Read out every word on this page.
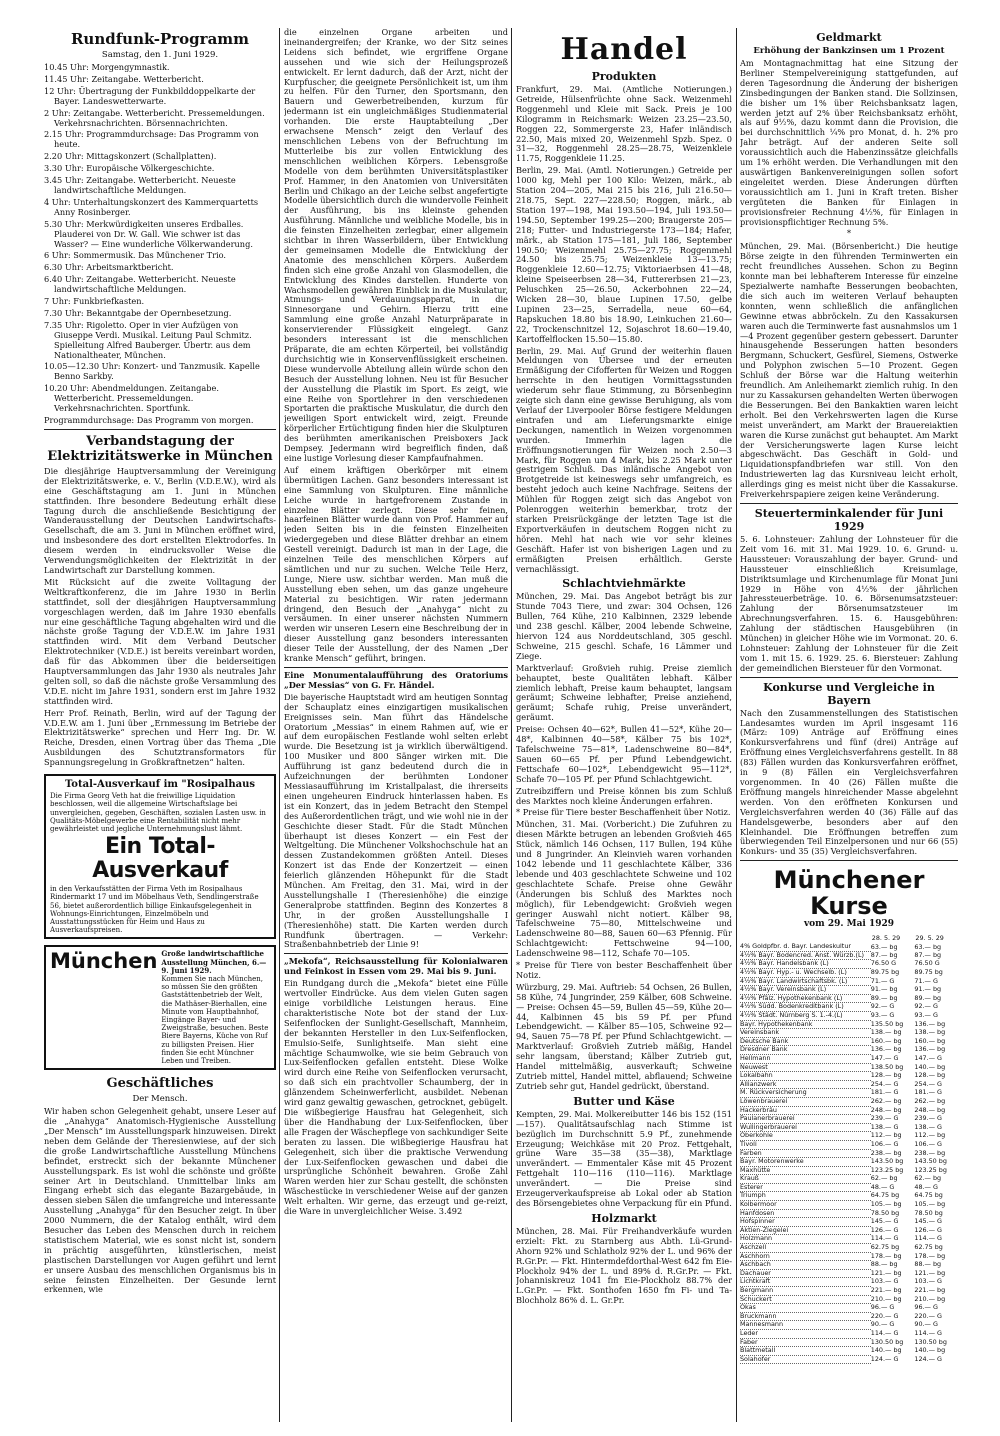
Rundfunk-Programm
Samstag, den 1. Juni 1929.

10.45 Uhr: Morgengymnastik.

11.45 Uhr: Zeitangabe. Wetterbericht.

12 Uhr: Übertragung der Funkbilddoppelkarte der Bayer. Landeswetterwarte.

2 Uhr: Zeitangabe. Wetterbericht. Pressemeldungen. Verkehrsnachrichten. Börsennachrichten.

2.15 Uhr: Programmdurchsage: Das Programm von heute.

2.20 Uhr: Mittagskonzert (Schallplatten).

3.30 Uhr: Europäische Völkergeschichte.

3.45 Uhr: Zeitangabe. Wetterbericht. Neueste landwirtschaftliche Meldungen.

4 Uhr: Unterhaltungskonzert des Kammerquartetts Anny Rosinberger.

5.30 Uhr: Merkwürdigkeiten unseres Erdballes. Plauderei von Dr. W. Gall. Wie schwer ist das Wasser? — Eine wunderliche Völkerwanderung.

6 Uhr: Sommermusik. Das Münchener Trio.

6.30 Uhr: Arbeitsmarktbericht.

6.40 Uhr: Zeitangabe. Wetterbericht. Neueste landwirtschaftliche Meldungen.

7 Uhr: Funkbriefkasten.

7.30 Uhr: Bekanntgabe der Opernbesetzung.

7.35 Uhr: Rigoletto. Oper in vier Aufzügen von Giuseppe Verdi. Musikal. Leitung Paul Schmitz. Spielleitung Alfred Bauberger. Übertr. aus dem Nationaltheater, München.

10.05—12.30 Uhr: Konzert- und Tanzmusik. Kapelle Benno Sarkby.

10.20 Uhr: Abendmeldungen. Zeitangabe. Wetterbericht. Pressemeldungen. Verkehrsnachrichten. Sportfunk.

Programmdurchsage: Das Programm von morgen.

Verbandstagung der Elektrizitätswerke in München

Die diesjährige Hauptversammlung der Vereinigung der Elektrizitätswerke, e. V., Berlin (V.D.E.W.), wird als eine Geschäftstagung am 1. Juni in München stattfinden. Ihre besondere Bedeutung erhält diese Tagung durch die anschließende Besichtigung der Wanderausstellung der Deutschen Landwirtschafts-Gesellschaft, die am 3. Juni in München eröffnet wird, und insbesondere des dort erstellten Elektrodorfes. In diesem werden in eindrucksvoller Weise die Verwendungsmöglichkeiten der Elektrizität in der Landwirtschaft zur Darstellung kommen.

Mit Rücksicht auf die zweite Volltagung der Weltkraftkonferenz, die im Jahre 1930 in Berlin stattfindet, soll der diesjährigen Hauptversammlung vorgeschlagen werden, daß im Jahre 1930 ebenfalls nur eine geschäftliche Tagung abgehalten wird und die nächste große Tagung der V.D.E.W. im Jahre 1931 stattfinden wird. Mit dem Verband Deutscher Elektrotechniker (V.D.E.) ist bereits vereinbart worden, daß für das Abkommen über die beiderseitigen Hauptversammlungen das Jahr 1930 als neutrales Jahr gelten soll, so daß die nächste große Versammlung des V.D.E. nicht im Jahre 1931, sondern erst im Jahre 1932 stattfinden wird.

Herr Prof. Reinath, Berlin, wird auf der Tagung der V.D.E.W. am 1. Juni über „Ernmessung im Betriebe der Elektrizitätswerke“ sprechen und Herr Ing. Dr. W. Reiche, Dresden, einen Vortrag über das Thema „Die Ausbildungen des Schutztransformators für Spannungsregelung in Großkraftnetzen“ halten.

Total-Ausverkauf im "Rosipalhaus

Die Firma Georg Veth hat die freiwillige Liquidation beschlossen, weil die allgemeine Wirtschaftslage bei unvergleichen, gegeben, Geschäften, sozialen Lasten usw. in Qualitäts-Möbelgewerbe eine Rentabilität nicht mehr gewährleistet und jegliche Unternehmungslust lähmt.

Ein Total-Ausverkauf

in den Verkaufsstätten der Firma Veth im Rosipalhaus Rindermarkt 17 und im Möbelhaus Veth, Sendlingerstraße 56, bietet außerordentlich billige Einkaufsgelegenheit in Wohnungs-Einrichtungen, Einzelmöbeln und Ausstattungsstücken für Heim und Haus zu Ausverkaufspreisen.

München Große landwirtschaftliche Ausstellung München, 6.—9. Juni 1929.

Kommen Sie nach München, so müssen Sie den größten Gaststättenbetrieb der Welt, die Mathäser-Bierhallen, eine Minute vom Hauptbahnhof, Eingänge Bayer- und Zweigstraße, besuchen. Beste Biere Bayerns, Küche von Ruf zu billigsten Preisen. Hier finden Sie echt Münchner Leben und Treiben.

Geschäftliches
Der Mensch.

Wir haben schon Gelegenheit gehabt, unsere Leser auf die „Anahyga“ Anatomisch-Hygienische Ausstellung „Der Mensch“ im Ausstellungspark hinzuweisen. Direkt neben dem Gelände der Theresienwiese, auf der sich die große Landwirtschaftliche Ausstellung Münchens befindet, erstreckt sich der bekannte Münchener Ausstellungspark. Es ist wohl die schönste und größte seiner Art in Deutschland. Unmittelbar links am Eingang erhebt sich das elegante Bazargebäude, in dessen sieben Sälen die umfangreiche und interessante Ausstellung „Anahyga“ für den Besucher zeigt. In über 2000 Nummern, die der Katalog enthält, wird dem Besucher das Leben des Menschen durch in reichem statistischem Material, wie es sonst nicht ist, sondern in prächtig ausgeführten, künstlerischen, meist plastischen Darstellungen vor Augen geführt und lernt er unsere Ausbau des menschlichen Organismus bis in seine feinsten Einzelheiten. Der Gesunde lernt erkennen, wie

die einzelnen Organe arbeiten und ineinandergreifen; der Kranke, wo der Sitz seines Leidens sich befindet, wie ergriffene Organe aussehen und wie sich der Heilungsprozeß entwickelt. Er lernt dadurch, daß der Arzt, nicht der Kurpfuscher, die geeignete Persönlichkeit ist, um ihm zu helfen. Für den Turner, den Sportsmann, den Bauern und Gewerbetreibenden, kurzum für jedermann ist ein ungleichmäßiges Studienmaterial vorhanden. Die erste Hauptabteilung „Der erwachsene Mensch“ zeigt den Verlauf des menschlichen Lebens von der Befruchtung im Mutterleibe bis zur vollen Entwicklung des menschlichen weiblichen Körpers. Lebensgroße Modelle von dem berühmten Universitätsplastiker Prof. Hammer, in den Anatomien von Universitäten Berlin und Chikago an der Leiche selbst angefertigte Modelle übersichtlich durch die wundervolle Feinheit der Ausführung, bis ins kleinste gehenden Ausführung. Männliche und weibliche Modelle, bis in die feinsten Einzelheiten zerlegbar, einer allgemein sichtbar in ihren Wasserbildern, über Entwicklung der gemeinsamen Modelle die Entwicklung der Anatomie des menschlichen Körpers. Außerdem finden sich eine große Anzahl von Glasmodellen, die Entwicklung des Kindes darstellen. Hunderte von Wachsmodellen gewähren Einblick in die Muskulatur, Atmungs- und Verdauungsapparat, in die Sinnesorgane und Gehirn. Hierzu tritt eine Sammlung eine große Anzahl Naturpräparate in konservierender Flüssigkeit eingelegt. Ganz besonders interessant ist die menschlichen Präparate, die am echten Körperteil, bei vollständig durchsichtig wie in Konservenflüssigkeit erscheinen. Diese wundervolle Abteilung allein würde schon den Besuch der Ausstellung lohnen. Neu ist für Besucher der Ausstellung die Plastik im Sport. Es zeigt, wie eine Reihe von Sportlehrer in den verschiedenen Sportarten die praktische Muskulatur, die durch den jeweiligen Sport entwickelt wird, zeigt. Freunde körperlicher Ertüchtigung finden hier die Skulpturen des berühmten amerikanischen Preisboxers Jack Dempsey. Jedermann wird begreiflich finden, daß eine lustige Vorlesung dieser Kampfaufnahmen.

Auf einem kräftigen Oberkörper mit einem übermütigen Lachen. Ganz besonders interessant ist eine Sammlung von Skulpturen. Eine männliche Leiche wurde in hartgefrorenem Zustande in einzelne Blätter zerlegt. Diese sehr feinen, haarfeinen Blätter wurde dann von Prof. Hammer auf jeden Seiten bis in die feinsten Einzelheiten wiedergegeben und diese Blätter drehbar an einem Gestell vereinigt. Dadurch ist man in der Lage, die einzelnen Teile des menschlichen Körpers auf sämtlichen und nur zu suchen. Welche Teile Herz, Lunge, Niere usw. sichtbar werden. Man muß die Ausstellung eben sehen, um das ganze ungeheure Material zu besichtigen. Wir raten jedermann dringend, den Besuch der „Anahyga“ nicht zu versäumen. In einer unserer nächsten Nummern werden wir unseren Lesern eine Beschreibung der in dieser Ausstellung ganz besonders interessanten dieser Teile der Ausstellung, der des Namen „Der kranke Mensch“ geführt, bringen.

Eine Monumentalaufführung des Oratoriums „Der Messias“ von G. Fr. Händel.

Die bayerische Hauptstadt wird am heutigen Sonntag der Schauplatz eines einzigartigen musikalischen Ereignisses sein. Man führt das Händelsche Oratorium „Messias“ in einem Rahmen auf, wie er auf dem europäischen Festlande wohl selten erlebt wurde. Die Besetzung ist ja wirklich überwältigend. 100 Musiker und 800 Sänger wirken mit. Die Aufführung ist ganz bedeutend durch die in Aufzeichnungen der berühmten Londoner Messiasaufführung im Kristallpalast, die ihrerseits einen ungeheuren Eindruck hinterlassen haben. Es ist ein Konzert, das in jedem Betracht den Stempel des Außerordentlichen trägt, und wie wohl nie in der Geschichte dieser Stadt. Für die Stadt München überhaupt ist dieses Konzert — ein Fest der Weltgeltung. Die Münchener Volkshochschule hat an dessen Zustandekommen größten Anteil. Dieses Konzert ist das Ende der Konzertzeit — einen feierlich glänzenden Höhepunkt für die Stadt München. Am Freitag, den 31. Mai, wird in der Ausstellungshalle I (Theresienhöhe) die einzige Generalprobe stattfinden. Beginn des Konzertes 8 Uhr, in der großen Ausstellungshalle I (Theresienhöhe) statt. Die Karten werden durch Rundfunk übertragen. — Verkehr: Straßenbahnbetrieb der Linie 9!

„Mekofa“, Reichsausstellung für Kolonialwaren und Feinkost in Essen vom 29. Mai bis 9. Juni.

Ein Rundgang durch die „Mekofa“ bietet eine Fülle wertvoller Eindrücke. Aus dem vielen Guten sagen einige vorbildliche Leistungen heraus. Eine charakteristische Note bot der stand der Lux-Seifenflocken der Sunlight-Gesellschaft, Mannheim, der bekannten Hersteller in den Lux-Seifenflocken, Emulsio-Seife, Sunlightseife. Man sieht eine mächtige Schaumwolke, wie sie beim Gebrauch von Lux-Seifenflocken gefallen entsteht. Diese Wolke wird durch eine Reihe von Seifenflocken verursacht, so daß sich ein prachtvoller Schaumberg, der in glänzendem Scheinwerferlicht, ausbildet. Nebenan wird ganz gewaltig gewaschen, getrocknet, gebügelt. Die wißbegierige Hausfrau hat Gelegenheit, sich über die Handhabung der Lux-Seifenflocken, über alle Fragen der Wäschepflege von sachkundiger Seite beraten zu lassen. Die wißbegierige Hausfrau hat Gelegenheit, sich über die praktische Verwendung der Lux-Seifenflocken gewaschen und dabei die ursprüngliche Schönheit bewahren. Große Zahl Waren werden hier zur Schau gestellt, die schönsten Wäschestücke in verschiedener Weise auf der ganzen Welt erhalten. Wir gerne, das erzeugt und ge-reizt, die Ware in unvergleichlicher Weise. 3.492

Handel
Produkten

Frankfurt, 29. Mai. (Amtliche Notierungen.) Getreide, Hülsenfrüchte ohne Sack. Weizenmehl Roggenmehl und Kleie mit Sack. Preis je 100 Kilogramm in Reichsmark: Weizen 23.25—23.50, Roggen 22, Sommergerste 23, Hafer inländisch 22.50, Mais mixed 20, Weizenmehl Spzb. Spez. 0 31—32, Roggenmehl 28.25—28.75, Weizenkleie 11.75, Roggenkleie 11.25.

Berlin, 29. Mai. (Amtl. Notierungen.) Getreide per 1000 kg, Mehl per 100 Kilo: Weizen, märk., ab Station 204—205, Mai 215 bis 216, Juli 216.50—218.75, Sept. 227—228.50; Roggen, märk., ab Station 197—198, Mai 193.50—194, Juli 193.50—194.50, September 199.25—200; Braugerste 205—218; Futter- und Industriegerste 173—184; Hafer, märk., ab Station 175—181, Juli 186, September 190.50; Weizenmehl 25.75—27.75; Roggenmehl 24.50 bis 25.75; Weizenkleie 13—13.75; Roggenkleie 12.60—12.75; Viktoriaerbsen 41—48, kleine Speiseerbsen 28—34, Futtererbsen 21—23, Peluschken 25—26.50, Ackerbohnen 22—24, Wicken 28—30, blaue Lupinen 17.50, gelbe Lupinen 23—25, Serradella, neue 60—64, Rapskuchen 18.80 bis 18.90, Leinkuchen 21.60—22, Trockenschnitzel 12, Sojaschrot 18.60—19.40, Kartoffelflocken 15.50—15.80.

Berlin, 29. Mai. Auf Grund der weiterhin flauen Meldungen von Übersee und der erneuten Ermäßigung der Cifofferten für Weizen und Roggen herrschte in den heutigen Vormittagsstunden wiederum sehr flaue Stimmung, zu Börsenbeginn zeigte sich dann eine gewisse Beruhigung, als vom Verlauf der Liverpooler Börse festigere Meldungen eintrafen und am Lieferungsmarkte einige Deckungen, namentlich in Weizen vorgenommen wurden. Immerhin lagen die Eröffnungsnotierungen für Weizen noch 2.50—3 Mark, für Roggen um 4 Mark, bis 2.25 Mark unter gestrigem Schluß. Das inländische Angebot von Brotgetreide ist keineswegs sehr umfangreich, es besteht jedoch auch keine Nachfrage. Seitens der Mühlen für Roggen zeigt sich das Angebot von Polenroggen weiterhin bemerkbar, trotz der starken Preisrückgänge der letzten Tage ist die Exportverkäufen in deutschem Roggen nicht zu hören. Mehl hat nach wie vor sehr kleines Geschäft. Hafer ist von bisherigen Lagen und zu ermäßigten Preisen erhältlich. Gerste vernachlässigt.

Schlachtviehmärkte

München, 29. Mai. Das Angebot beträgt bis zur Stunde 7043 Tiere, und zwar: 304 Ochsen, 126 Bullen, 764 Kühe, 210 Kalbinnen, 2329 lebende und 238 geschl. Kälber, 2004 lebende Schweine, hiervon 124 aus Norddeutschland, 305 geschl. Schweine, 215 geschl. Schafe, 16 Lämmer und Ziege.

Marktverlauf: Großvieh ruhig. Preise ziemlich behauptet, beste Qualitäten lebhaft. Kälber ziemlich lebhaft, Preise kaum behauptet, langsam geräumt; Schweine lebhafter, Preise anziehend, geräumt; Schafe ruhig, Preise unverändert, geräumt.

Preise: Ochsen 40—62*, Bullen 41—52*, Kühe 20—48*, Kalbinnen 40—58*, Kälber 75 bis 102*, Tafelschweine 75—81*, Ladenschweine 80—84*, Sauen 60—65 Pf. per Pfund Lebendgewicht. Fettschafe 60—102*, Lebendgewicht 95—112*, Schafe 70—105 Pf. per Pfund Schlachtgewicht.

Zutreibziffern und Preise können bis zum Schluß des Marktes noch kleine Änderungen erfahren.

* Preise für Tiere bester Beschaffenheit über Notiz.

München, 31. Mai. (Vorbericht.) Die Zufuhren zu diesen Märkte betrugen an lebenden Großvieh 465 Stück, nämlich 146 Ochsen, 117 Bullen, 194 Kühe und 8 Jungrinder. An Kleinvieh waren vorhanden 1042 lebende und 11 geschlachtete Kälber, 336 lebende und 403 geschlachtete Schweine und 102 geschlachtete Schafe. Preise ohne Gewähr (Änderungen bis Schluß des Marktes noch möglich), für Lebendgewicht: Großvieh wegen geringer Auswahl nicht notiert. Kälber 98, Tafelschweine 75—80, Mittelschweine und Ladenschweine 80—88, Sauen 60—63 Pfennig. Für Schlachtgewicht: Fettschweine 94—100, Ladenschweine 98—112, Schafe 70—105.

* Preise für Tiere von bester Beschaffenheit über Notiz.

Würzburg, 29. Mai. Auftrieb: 54 Ochsen, 26 Bullen, 58 Kühe, 74 Jungrinder, 259 Kälber, 608 Schweine. — Preise: Ochsen 45—59, Bullen 45—59, Kühe 20—44, Kalbinnen 45 bis 59 Pf. per Pfund Lebendgewicht. — Kälber 85—105, Schweine 92—94, Sauen 75—78 Pf. per Pfund Schlachtgewicht. — Marktverlauf: Großvieh Zutrieb mäßig, Handel sehr langsam, überstand; Kälber Zutrieb gut, Handel mittelmäßig, ausverkauft; Schweine Zutrieb mittel, Handel mittel, abflauend; Schweine Zutrieb sehr gut, Handel gedrückt, überstand.

Butter und Käse

Kempten, 29. Mai. Molkereibutter 146 bis 152 (151—157). Qualitätsaufschlag nach Stimme ist bezüglich im Durchschnitt 5.9 Pf., zunehmende Erzeugung; Weichkäse mit 20 Proz. Fettgehalt, grüne Ware 35—38 (35—38), Marktlage unverändert. — Emmentaler Käse mit 45 Prozent Fettgehalt 110—116 (110—116). Marktlage unverändert. — Die Preise sind Erzeugerverkaufspreise ab Lokal oder ab Station des Börsengebietes ohne Verpackung für ein Pfund.

Holzmarkt

München, 28. Mai. Für Freihandverkäufe wurden erzielt: Fkt. zu Starnberg aus Abth. Lü-Grund-Ahorn 92% und Schlatholz 92% der L. und 96% der R.Gr.Pr. — Fkt. Hintermdefdorthal-West 642 fm Eie-Plockholz 94% der L. und 89% d. R.Gr.Pr. — Fkt. Johanniskreuz 1041 fm Eie-Plockholz 88.7% der L.Gr.Pr. — Fkt. Sonthofen 1650 fm Fi- und Ta-Blochholz 86% d. L. Gr.Pr.

Geldmarkt
Erhöhung der Bankzinsen um 1 Prozent

Am Montagnachmittag hat eine Sitzung der Berliner Stempelvereinigung stattgefunden, auf deren Tagesordnung die Änderung der bisherigen Zinsbedingungen der Banken stand. Die Sollzinsen, die bisher um 1% über Reichsbanksatz lagen, werden jetzt auf 2% über Reichsbanksatz erhöht, als auf 9½%, dazu kommt dann die Provision, die bei durchschnittlich ¼% pro Monat, d. h. 2% pro Jahr beträgt. Auf der anderen Seite soll voraussichtlich auch die Habenzinssätze gleichfalls um 1% erhöht werden. Die Verhandlungen mit den auswärtigen Bankenvereinigungen sollen sofort eingeleitet werden. Diese Änderungen dürften voraussichtlich am 1. Juni in Kraft treten. Bisher vergüteten die Banken für Einlagen in provisionsfreier Rechnung 4½%, für Einlagen in provisionspflichtiger Rechnung 5%.

*

München, 29. Mai. (Börsenbericht.) Die heutige Börse zeigte in den führenden Terminwerten ein recht freundliches Aussehen. Schon zu Beginn konnte man bei lebhafterem Interesse für einzelne Spezialwerte namhafte Besserungen beobachten, die sich auch im weiteren Verlauf behaupten konnten, wenn schließlich die anfänglichen Gewinne etwas abbröckeln. Zu den Kassakursen waren auch die Terminwerte fast ausnahmslos um 1—4 Prozent gegenüber gestern gebessert. Darunter hinausgehende Besserungen hatten besonders Bergmann, Schuckert, Gesfürel, Siemens, Ostwerke und Polyphon zwischen 5—10 Prozent. Gegen Schluß der Börse war die Haltung weiterhin freundlich. Am Anleihemarkt ziemlich ruhig. In den nur zu Kassakursen gehandelten Werten überwogen die Besserungen. Bei den Bankaktien waren leicht erholt. Bei den Verkehrswerten lagen die Kurse meist unverändert, am Markt der Brauereiaktien waren die Kurse zunächst gut behauptet. Am Markt der Versicherungswerte lagen Kurse leicht abgeschwächt. Das Geschäft in Gold- und Liquidationspfandbriefen war still. Von den Industriewerten lag das Kursniveau leicht erholt, allerdings ging es meist nicht über die Kassakurse. Freiverkehrspapiere zeigen keine Veränderung.

Steuerterminkalender für Juni 1929

5. 6. Lohnsteuer: Zahlung der Lohnsteuer für die Zeit vom 16. mit 31. Mai 1929. 10. 6. Grund- u. Haussteuer: Vorauszahlung der bayer. Grund- und Haussteuer einschließlich Kreisumlage, Distriktsumlage und Kirchenumlage für Monat Juni 1929 in Höhe von 4½% der jährlichen Jahressteuerbeträge. 10. 6. Börsenumsatzsteuer: Zahlung der Börsenumsatzsteuer im Abrechnungsverfahren. 15. 6. Hausgebühren: Zahlung der städtischen Hausgebühren (in München) in gleicher Höhe wie im Vormonat. 20. 6. Lohnsteuer: Zahlung der Lohnsteuer für die Zeit vom 1. mit 15. 6. 1929. 25. 6. Biersteuer: Zahlung der gemeindlichen Biersteuer für den Vormonat.

Konkurse und Vergleiche in Bayern

Nach den Zusammenstellungen des Statistischen Landesamtes wurden im April insgesamt 116 (März: 109) Anträge auf Eröffnung eines Konkursverfahrens und fünf (drei) Anträge auf Eröffnung eines Vergleichsverfahrens gestellt. In 88 (83) Fällen wurden das Konkursverfahren eröffnet, in 9 (8) Fällen ein Vergleichsverfahren vorgenommen. In 40 (26) Fällen mußte die Eröffnung mangels hinreichender Masse abgelehnt werden. Von den eröffneten Konkursen und Vergleichsverfahren werden 40 (36) Fälle auf das Handelsgewerbe, besonders aber auf den Kleinhandel. Die Eröffnungen betreffen zum überwiegenden Teil Einzelpersonen und nur 66 (55) Konkurs- und 35 (35) Vergleichsverfahren.

Münchener Kurse
vom 29. Mai 1929
	28. 5. 29	29. 5. 29
4% Goldpfbr. d. Bayr. Landeskultur	63.— bg	63.— bg
4½% Bayr. Bodencred. Anst. Würzb.(L)	87.— bg	87.— bg
4½% Bayr. Handelsbank (L)	76.50 G	76.50 G
4½% Bayr. Hyp.- u. Wechselb. (L)	89.75 bg	89.75 bg
4½% Bayr. Landwirtschaftsbk. (L)	71.— G	71.— G
4½% Bayr. Vereinsbank (L)	91.— bg	91.— bg
4½% Pfälz. Hypothekenbank (L)	89.— bg	89.— bg
4½% Südd. Bodenkreditbank (L)	92.— G	92.— G
4½% Städt. Nürnberg S. 1.-4.(L)	93.— G	93.— G
Bayr. Hypothekenbank	135.50 bg	136.— bg
Vereinsbank	138.— bg	138.— bg
Deutsche Bank	160.— bg	160.— bg
Dresdner Bank	136.— bg	136.— bg
Hellmann	147.— G	147.— G
Neuwest	138.50 bg	140.— bg
Lokalbahn	128.— bg	128.— bg
Allianzwerk	254.— G	254.— G
M. Rückversicherung	181.— G	181.— G
Löwenbrauerei	262.— bg	262.— bg
Hackerbräu	248.— bg	248.— bg
Paulanerbrauerei	239.— G	239.— G
Wullingerbrauerei	138.— G	138.— G
Oberkohle	112.— bg	112.— bg
Tivoli	106.— G	106.— G
Farben	238.— bg	238.— bg
Bayr. Motorenwerke	143.50 bg	143.50 bg
Maxhütte	123.25 bg	123.25 bg
Krauß	62.— bg	62.— bg
Esterer	48.— G	48.— G
Triumph	64.75 bg	64.75 bg
Kolbermoor	105.— bg	105.— bg
Hanfdosen	78.50 bg	78.50 bg
Hofspinner	145.— G	145.— G
Aktien-Ziegelei	126.— G	126.— G
Holzmann	114.— G	114.— G
Aschzell	62.75 bg	62.75 bg
Aschhorn	178.— bg	178.— bg
Aschbach	88.— bg	88.— bg
Dachauer	121.— bg	121.— bg
Lichtkraft	103.— G	103.— G
Bergmann	221.— bg	221.— bg
Schuckert	210.— bg	210.— bg
Okas	96.— G	96.— G
Bruckmann	220.— G	220.— G
Mannesmann	90.— G	90.— G
Leder	114.— G	114.— G
Faber	130.50 bg	130.50 bg
Blattmetall	140.— bg	140.— bg
Solahofer	124.— G	124.— G
